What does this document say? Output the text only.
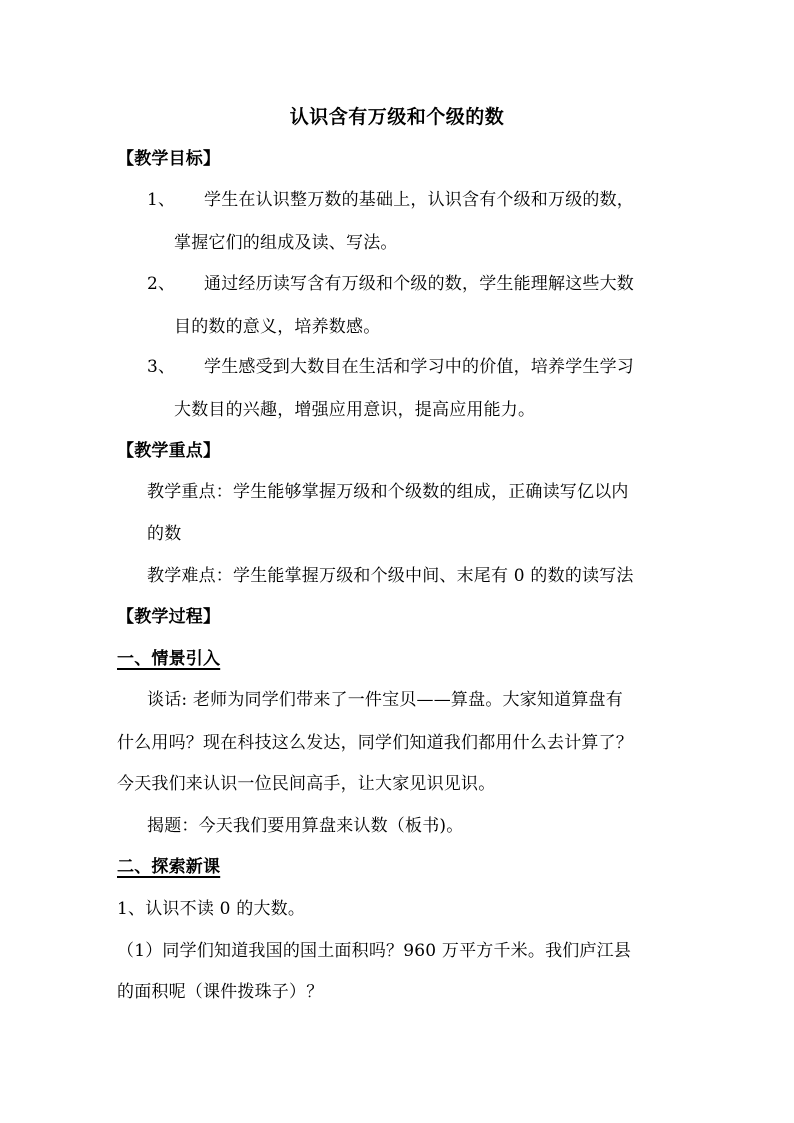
认识含有万级和个级的数
【教学目标】
1、 学生在认识整万数的基础上，认识含有个级和万级的数，
掌握它们的组成及读、写法。
2、 通过经历读写含有万级和个级的数，学生能理解这些大数
目的数的意义，培养数感。
3、 学生感受到大数目在生活和学习中的价值，培养学生学习
大数目的兴趣，增强应用意识，提高应用能力。
【教学重点】
教学重点：学生能够掌握万级和个级数的组成，正确读写亿以内
的数
教学难点：学生能掌握万级和个级中间、末尾有 0 的数的读写法
【教学过程】
一、情景引入
谈话: 老师为同学们带来了一件宝贝——算盘。大家知道算盘有
什么用吗？现在科技这么发达，同学们知道我们都用什么去计算了？
今天我们来认识一位民间高手，让大家见识见识。
揭题：今天我们要用算盘来认数（板书)。
二、探索新课
1、认识不读 0 的大数。
（1）同学们知道我国的国土面积吗？960 万平方千米。我们庐江县
的面积呢（课件拨珠子）？
